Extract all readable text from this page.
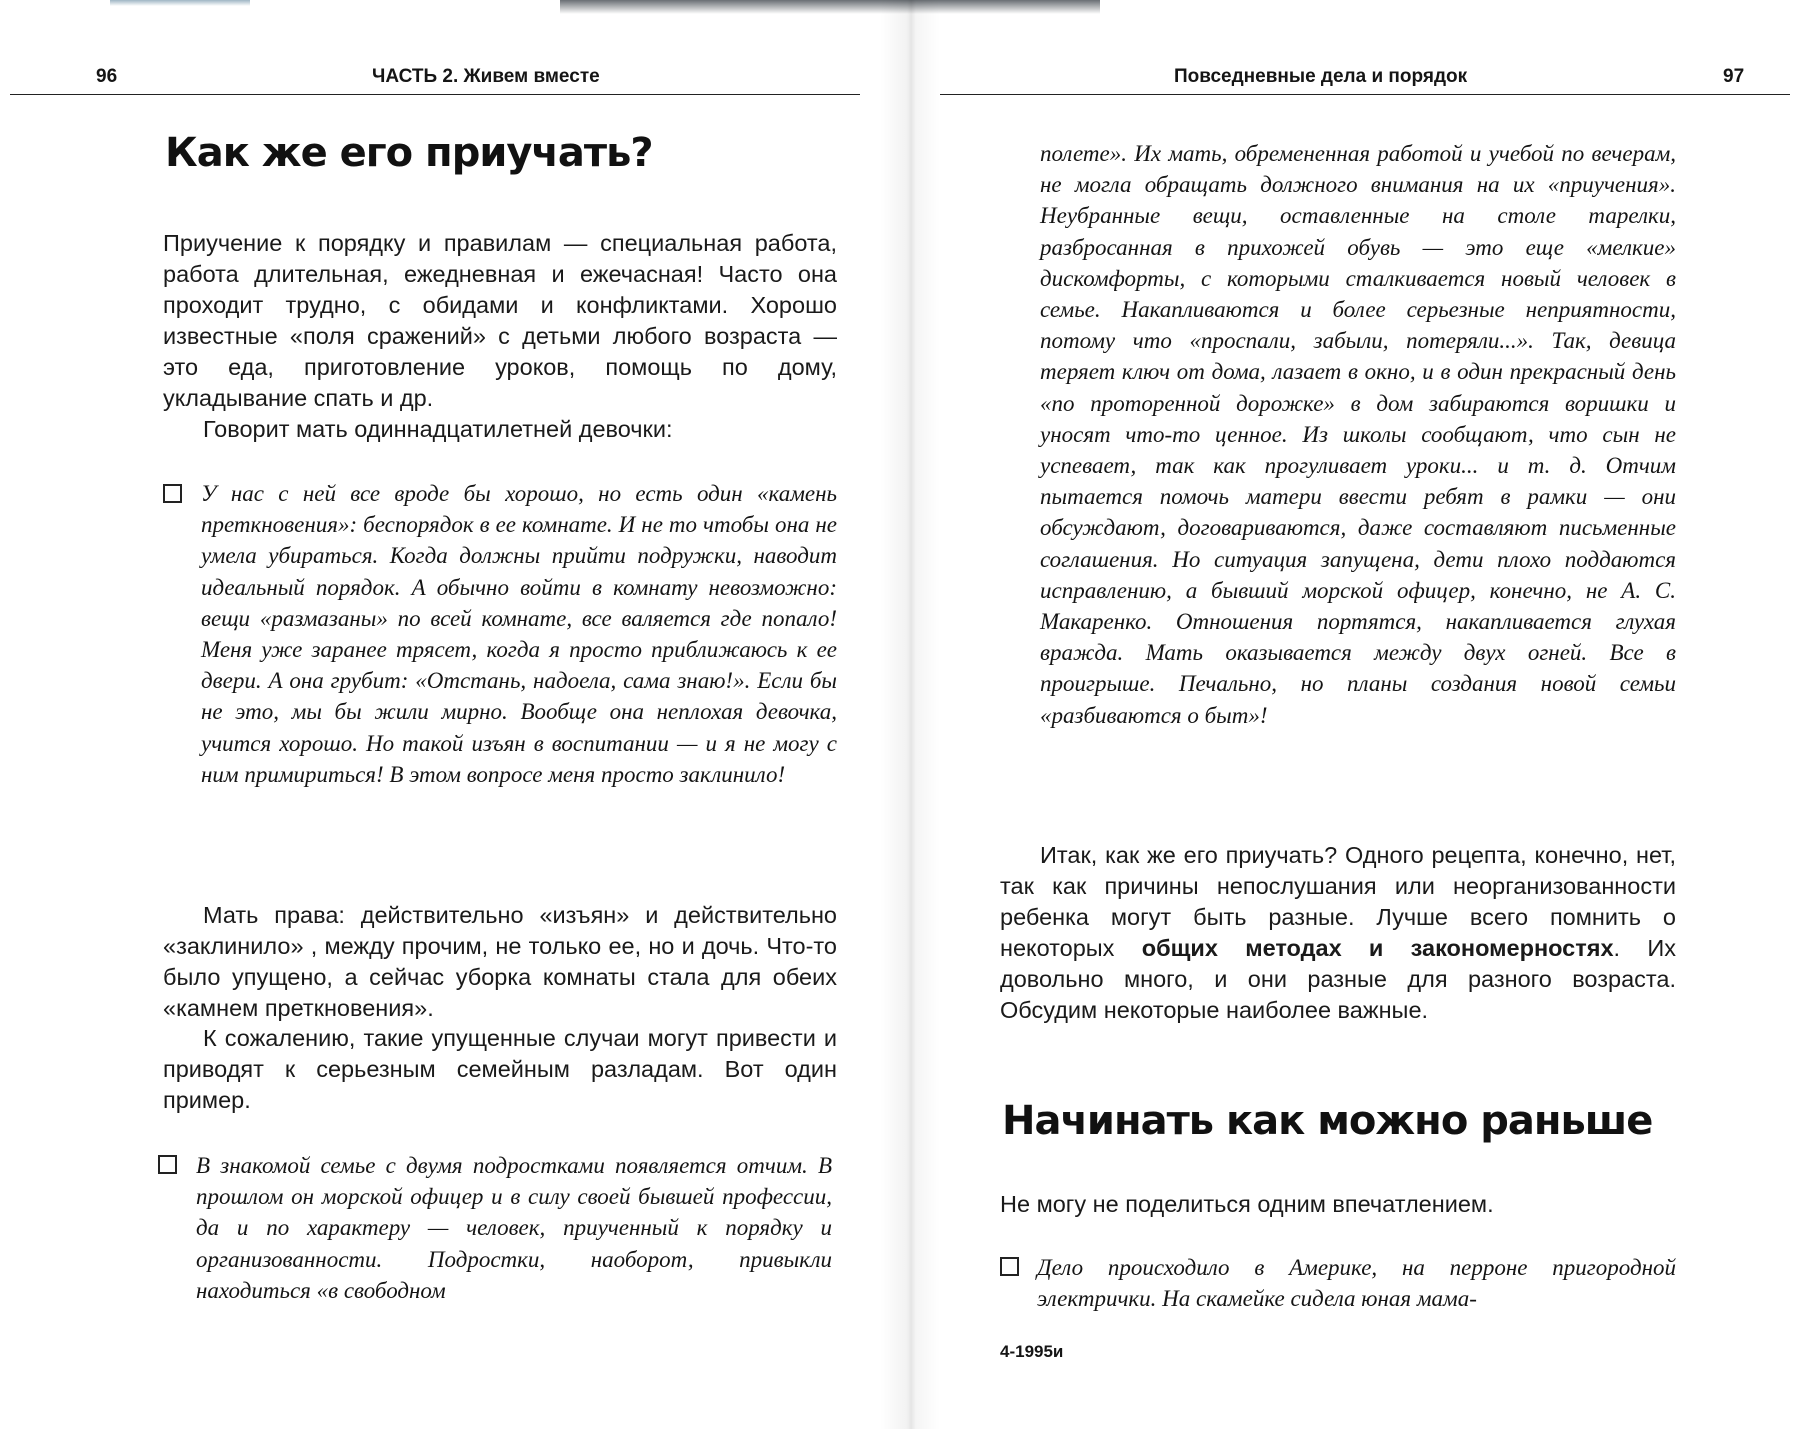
96	ЧАСТЬ 2. Живем вместе
Как же его приучать?

Приучение к порядку и правилам — специальная работа, работа длительная, ежедневная и ежечасная! Часто она проходит трудно, с обидами и конфликтами. Хорошо известные «поля сражений» с детьми любого возраста — это еда, приготовление уроков, помощь по дому, укладывание спать и др.

Говорит мать одиннадцатилетней девочки:

У нас с ней все вроде бы хорошо, но есть один «камень преткновения»: беспорядок в ее комнате. И не то чтобы она не умела убираться. Когда должны прийти подружки, наводит идеальный порядок. А обычно войти в комнату невозможно: вещи «размазаны» по всей комнате, все валяется где попало! Меня уже заранее трясет, когда я просто приближаюсь к ее двери. А она грубит: «Отстань, надоела, сама знаю!». Если бы не это, мы бы жили мирно. Вообще она неплохая девочка, учится хорошо. Но такой изъян в воспитании — и я не могу с ним примириться! В этом вопросе меня просто заклинило!

Мать права: действительно «изъян» и действительно «заклинило» , между прочим, не только ее, но и дочь. Что-то было упущено, а сейчас уборка комнаты стала для обеих «камнем преткновения».

К сожалению, такие упущенные случаи могут привести и приводят к серьезным семейным разладам. Вот один пример.

В знакомой семье с двумя подростками появляется отчим. В прошлом он морской офицер и в силу своей бывшей профессии, да и по характеру — человек, приученный к порядку и организованности. Подростки, наоборот, привыкли находиться «в свободном

Повседневные дела и порядок	97

полете». Их мать, обремененная работой и учебой по вечерам, не могла обращать должного внимания на их «приучения». Неубранные вещи, оставленные на столе тарелки, разбросанная в прихожей обувь — это еще «мелкие» дискомфорты, с которыми сталкивается новый человек в семье. Накапливаются и более серьезные неприятности, потому что «проспали, забыли, потеряли...». Так, девица теряет ключ от дома, лазает в окно, и в один прекрасный день «по проторенной дорожке» в дом забираются воришки и уносят что-то ценное. Из школы сообщают, что сын не успевает, так как прогуливает уроки... и т. д. Отчим пытается помочь матери ввести ребят в рамки — они обсуждают, договариваются, даже составляют письменные соглашения. Но ситуация запущена, дети плохо поддаются исправлению, а бывший морской офицер, конечно, не А. С. Макаренко. Отношения портятся, накапливается глухая вражда. Мать оказывается между двух огней. Все в проигрыше. Печально, но планы создания новой семьи «разбиваются о быт»!

Итак, как же его приучать? Одного рецепта, конечно, нет, так как причины непослушания или неорганизованности ребенка могут быть разные. Лучше всего помнить о некоторых общих методах и закономерностях. Их довольно много, и они разные для разного возраста. Обсудим некоторые наиболее важные.

Начинать как можно раньше

Не могу не поделиться одним впечатлением.

Дело происходило в Америке, на перроне пригородной электрички. На скамейке сидела юная мама-

4-1995и
